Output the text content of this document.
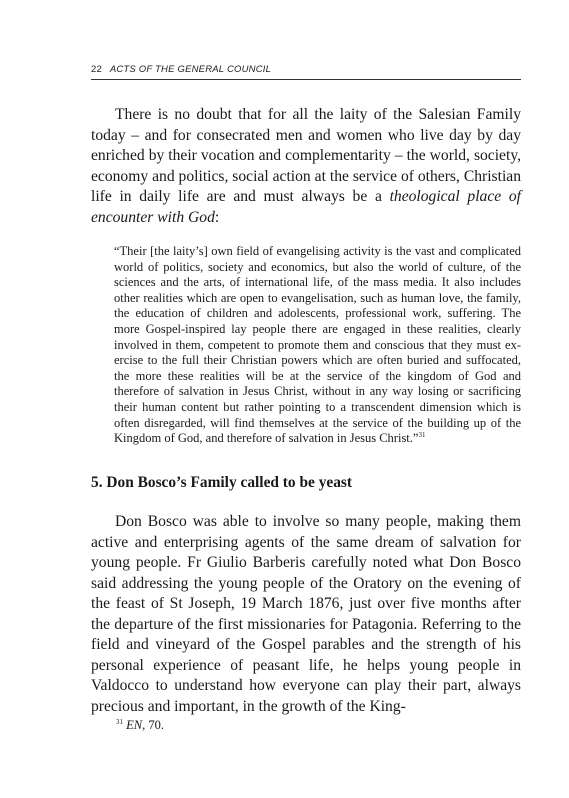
22 ACTS OF THE GENERAL COUNCIL

There is no doubt that for all the laity of the Salesian Family today – and for consecrated men and women who live day by day enriched by their vocation and complementarity – the world, society, economy and politics, social action at the service of others, Christian life in daily life are and must always be a theological place of encounter with God:

“Their [the laity’s] own field of evangelising activity is the vast and complicated world of politics, society and economics, but also the world of culture, of the sciences and the arts, of international life, of the mass media. It also includes other realities which are open to evangelisation, such as human love, the family, the education of children and adolescents, professional work, suffering. The more Gospel-inspired lay people there are engaged in these realities, clearly involved in them, competent to promote them and conscious that they must exercise to the full their Christian powers which are often buried and suffocated, the more these realities will be at the service of the kingdom of God and therefore of salvation in Jesus Christ, without in any way losing or sacrificing their human content but rather pointing to a transcendent dimension which is often disregarded, will find themselves at the service of the building up of the Kingdom of God, and therefore of salvation in Jesus Christ.”$^{31}$

5. Don Bosco’s Family called to be yeast

Don Bosco was able to involve so many people, making them active and enterprising agents of the same dream of salvation for young people. Fr Giulio Barberis carefully noted what Don Bosco said addressing the young people of the Oratory on the evening of the feast of St Joseph, 19 March 1876, just over five months after the departure of the first missionaries for Patagonia. Referring to the field and vineyard of the Gospel parables and the strength of his personal experience of peasant life, he helps young people in Valdocco to understand how everyone can play their part, always precious and important, in the growth of the King-

$^{31}$ EN, 70.
